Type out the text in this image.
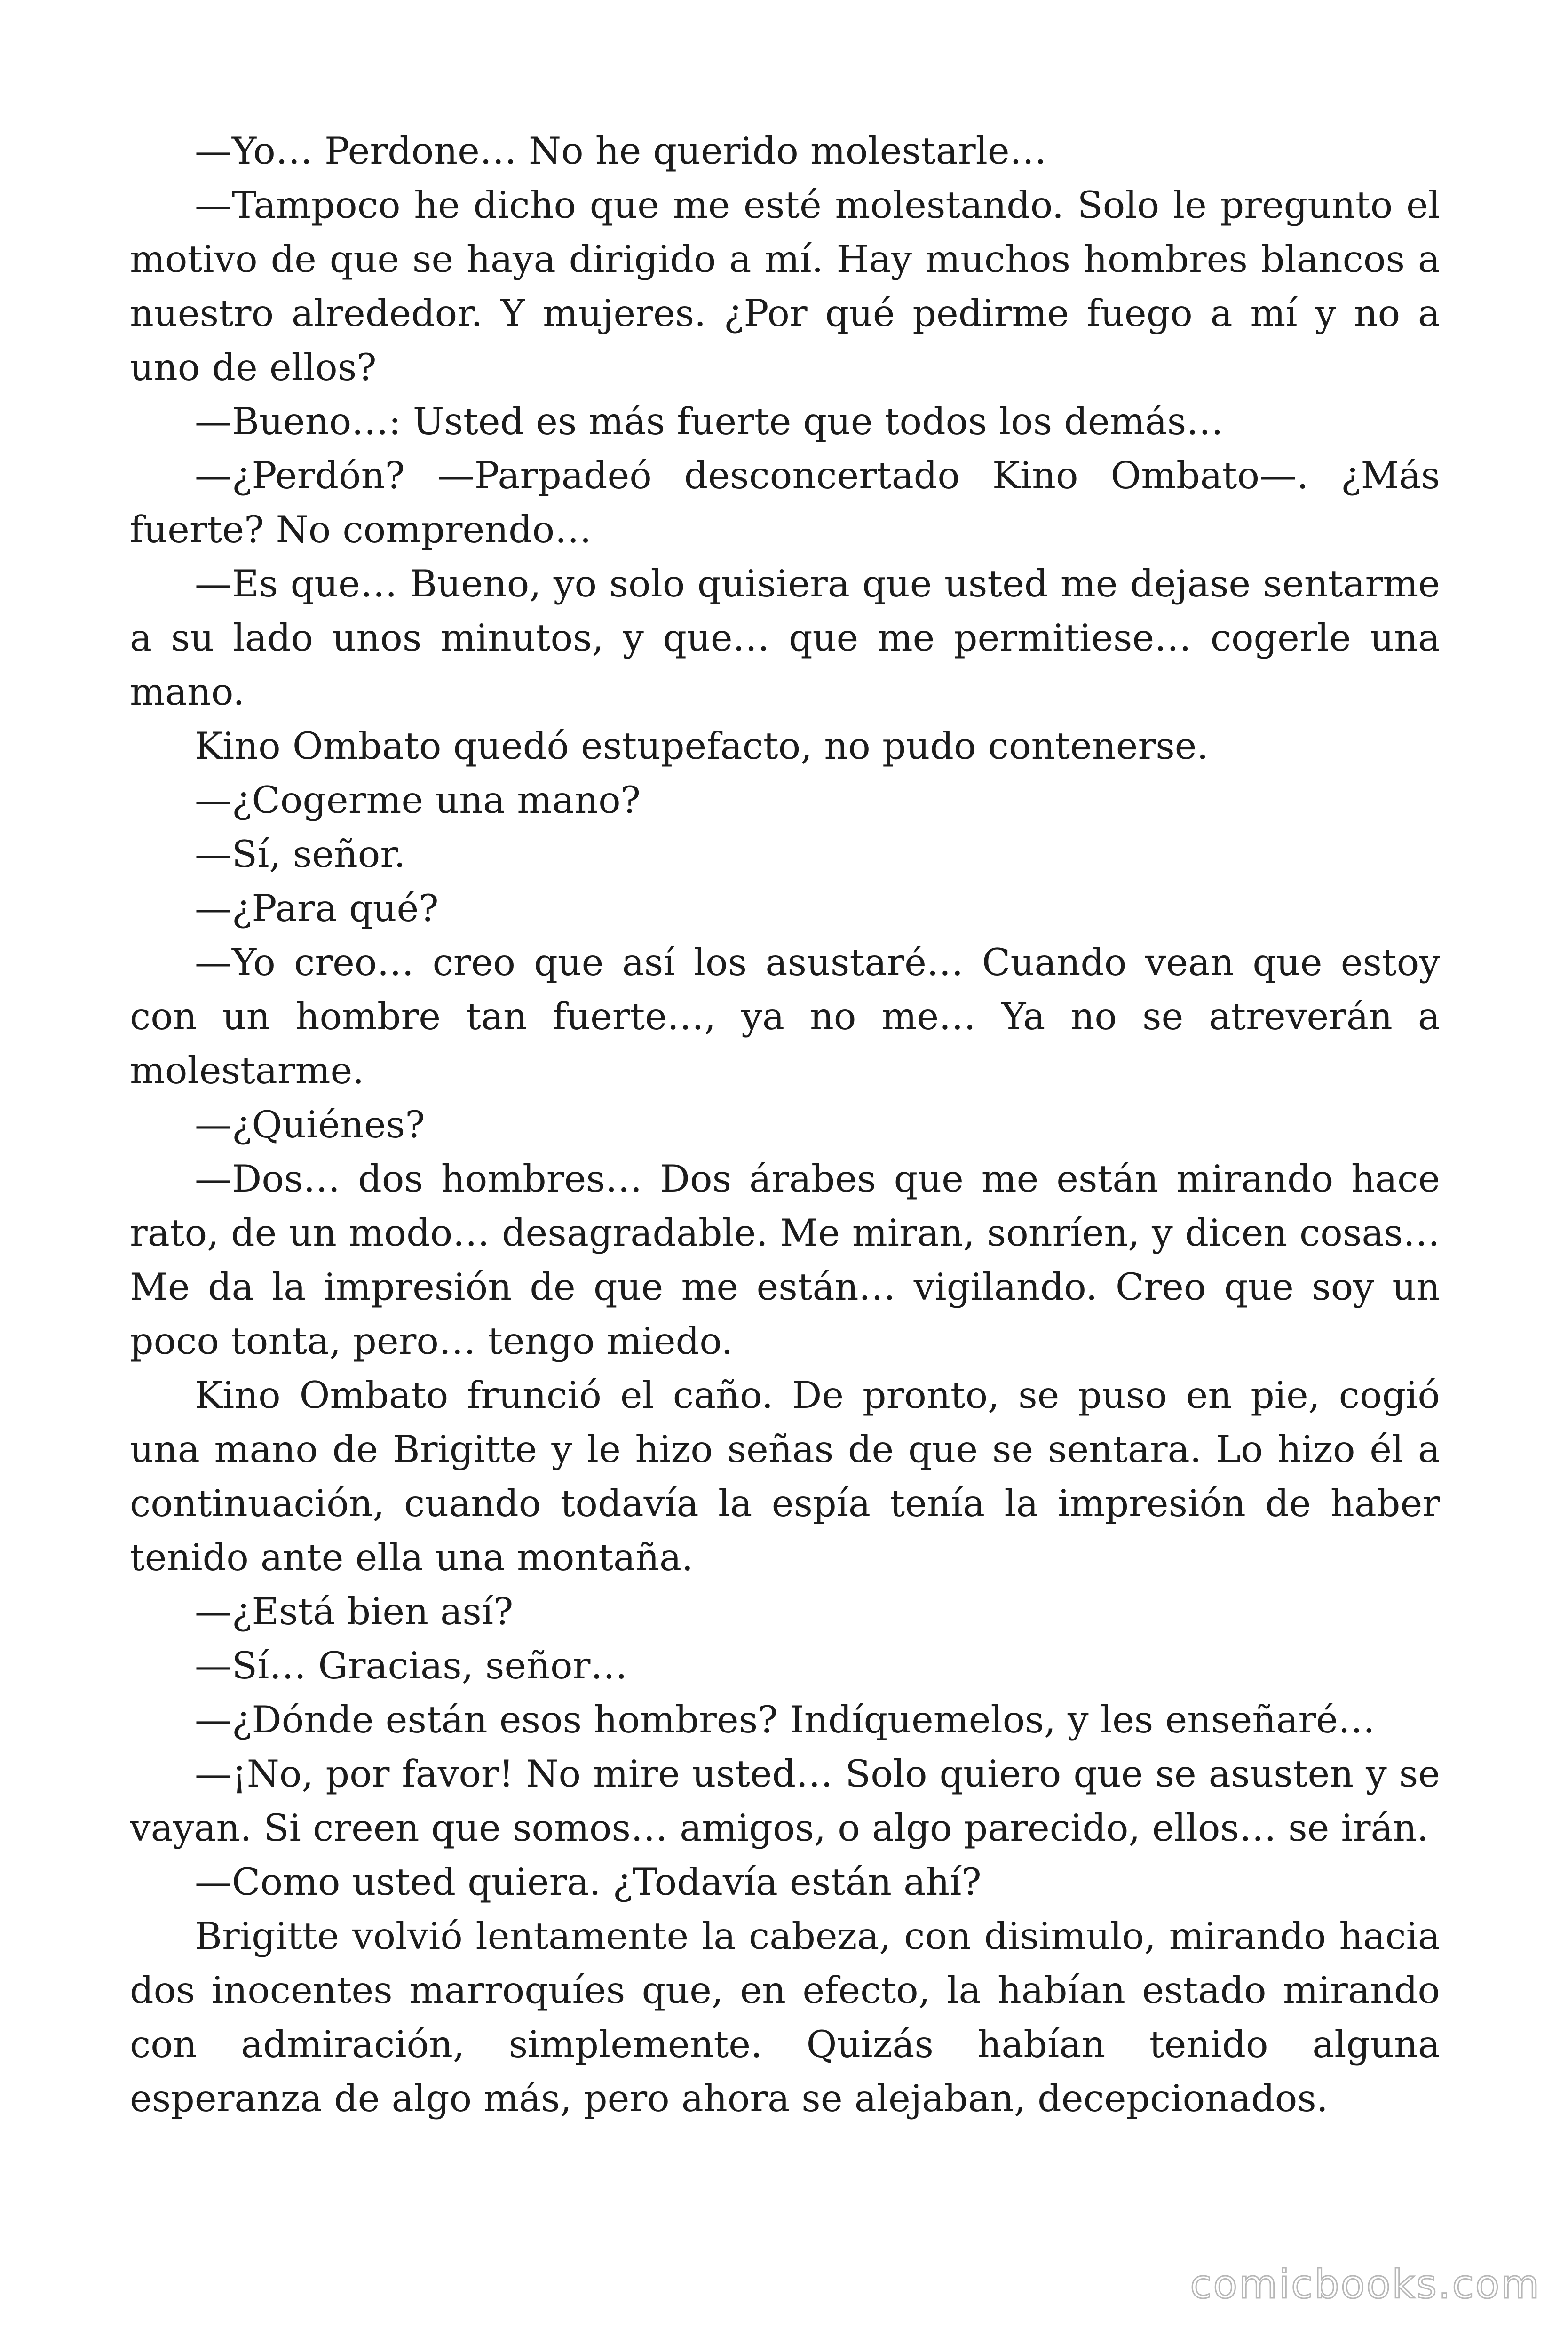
—Yo… Perdone… No he querido molestarle…

—Tampoco he dicho que me esté molestando. Solo le pregunto el motivo de que se haya dirigido a mí. Hay muchos hombres blancos a nuestro alrededor. Y mujeres. ¿Por qué pedirme fuego a mí y no a uno de ellos?

—Bueno…: Usted es más fuerte que todos los demás…

—¿Perdón? —Parpadeó desconcertado Kino Ombato—. ¿Más fuerte? No comprendo…

—Es que… Bueno, yo solo quisiera que usted me dejase sentarme a su lado unos minutos, y que… que me permitiese… cogerle una mano.

Kino Ombato quedó estupefacto, no pudo contenerse.

—¿Cogerme una mano?

—Sí, señor.

—¿Para qué?

—Yo creo… creo que así los asustaré… Cuando vean que estoy con un hombre tan fuerte…, ya no me… Ya no se atreverán a molestarme.

—¿Quiénes?

—Dos… dos hombres… Dos árabes que me están mirando hace rato, de un modo… desagradable. Me miran, sonríen, y dicen cosas… Me da la impresión de que me están… vigilando. Creo que soy un poco tonta, pero… tengo miedo.

Kino Ombato frunció el caño. De pronto, se puso en pie, cogió una mano de Brigitte y le hizo señas de que se sentara. Lo hizo él a continuación, cuando todavía la espía tenía la impresión de haber tenido ante ella una montaña.

—¿Está bien así?

—Sí… Gracias, señor…

—¿Dónde están esos hombres? Indíquemelos, y les enseñaré…

—¡No, por favor! No mire usted… Solo quiero que se asusten y se vayan. Si creen que somos… amigos, o algo parecido, ellos… se irán.

—Como usted quiera. ¿Todavía están ahí?

Brigitte volvió lentamente la cabeza, con disimulo, mirando hacia dos inocentes marroquíes que, en efecto, la habían estado mirando con admiración, simplemente. Quizás habían tenido alguna esperanza de algo más, pero ahora se alejaban, decepcionados.

comicbooks.com
